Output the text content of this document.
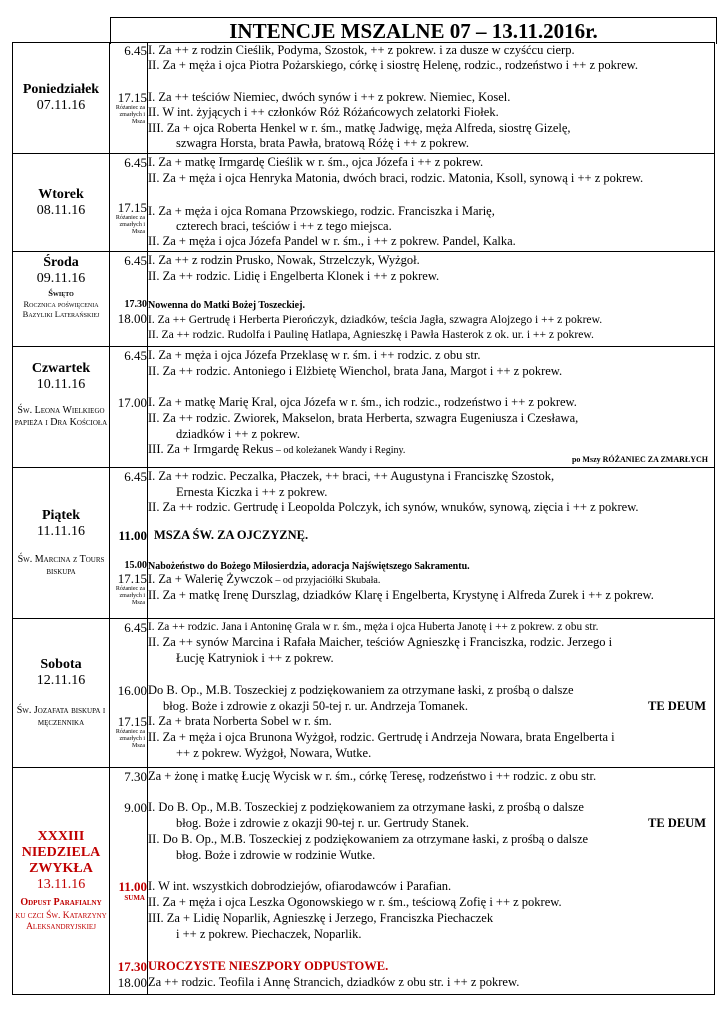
INTENCJE MSZALNE 07 – 13.11.2016r.
Poniedziałek
07.11.16
6.45
17.15
Różaniec za zmarłych i Msza
I. Za ++ z rodzin Cieślik, Podyma, Szostok, ++ z pokrew. i za dusze w czyśćcu cierp.
II. Za + męża i ojca Piotra Pożarskiego, córkę i siostrę Helenę, rodzic., rodzeństwo i ++ z pokrew.
I. Za ++ teściów Niemiec, dwóch synów i ++ z pokrew. Niemiec, Kosel.
II. W int. żyjących i ++ członków Róż Różańcowych zelatorki Fiołek.
III. Za + ojca Roberta Henkel w r. śm., matkę Jadwigę, męża Alfreda, siostrę Gizelę,
szwagra Horsta, brata Pawła, bratową Różę i ++ z pokrew.
Wtorek
08.11.16
6.45
17.15
Różaniec za zmarłych i Msza
I. Za + matkę Irmgardę Cieślik w r. śm., ojca Józefa i ++ z pokrew.
II. Za + męża i ojca Henryka Matonia, dwóch braci, rodzic. Matonia, Ksoll, synową i ++ z pokrew.
I. Za + męża i ojca Romana Przowskiego, rodzic. Franciszka i Marię,
czterech braci, teściów i ++ z tego miejsca.
II. Za + męża i ojca Józefa Pandel w r. śm., i ++ z pokrew. Pandel, Kalka.
Środa
09.11.16
Święto
Rocznica poświęcenia Bazyliki Laterańskiej
6.45
17.30
18.00
I. Za ++ z rodzin Prusko, Nowak, Strzelczyk, Wyżgoł.
II. Za ++ rodzic. Lidię i Engelberta Klonek i ++ z pokrew.
Nowenna do Matki Bożej Toszeckiej.
I. Za ++ Gertrudę i Herberta Pierończyk, dziadków, teścia Jagła, szwagra Alojzego i ++ z pokrew.
II. Za ++ rodzic. Rudolfa i Paulinę Hatlapa, Agnieszkę i Pawła Hasterok z ok. ur. i ++ z pokrew.
Czwartek
10.11.16
Św. Leona Wielkiego papieża i Dra Kościoła
6.45
17.00
I. Za + męża i ojca Józefa Przeklasę w r. śm. i ++ rodzic. z obu str.
II. Za ++ rodzic. Antoniego i Elżbietę Wienchol, brata Jana, Margot i ++ z pokrew.
I. Za + matkę Marię Kral, ojca Józefa w r. śm., ich rodzic., rodzeństwo i ++ z pokrew.
II. Za ++ rodzic. Zwiorek, Makselon, brata Herberta, szwagra Eugeniusza i Czesława,
dziadków i ++ z pokrew.
III. Za + Irmgardę Rekus – od koleżanek Wandy i Reginy.
po Mszy RÓŻANIEC ZA ZMARŁYCH
Piątek
11.11.16
Św. Marcina z Tours biskupa
6.45
11.00
15.00
17.15
Różaniec za zmarłych i Msza
I. Za ++ rodzic. Peczalka, Płaczek, ++ braci, ++ Augustyna i Franciszkę Szostok,
Ernesta Kiczka i ++ z pokrew.
II. Za ++ rodzic. Gertrudę i Leopolda Polczyk, ich synów, wnuków, synową, zięcia i ++ z pokrew.
MSZA ŚW. ZA OJCZYZNĘ.
Nabożeństwo do Bożego Miłosierdzia, adoracja Najświętszego Sakramentu.
I. Za + Walerię Żywczok – od przyjaciółki Skubała.
II. Za + matkę Irenę Durszlag, dziadków Klarę i Engelberta, Krystynę i Alfreda Zurek i ++ z pokrew.
Sobota
12.11.16
Św. Jozafata biskupa i męczennika
6.45
16.00
17.15
Różaniec za zmarłych i Msza
I. Za ++ rodzic. Jana i Antoninę Grala w r. śm., męża i ojca Huberta Janotę i ++ z pokrew. z obu str.
II. Za ++ synów Marcina i Rafała Maicher, teściów Agnieszkę i Franciszka, rodzic. Jerzego i
Łucję Katryniok i ++ z pokrew.
Do B. Op., M.B. Toszeckiej z podziękowaniem za otrzymane łaski, z prośbą o dalsze
błog. Boże i zdrowie z okazji 50-tej r. ur. Andrzeja Tomanek.	TE DEUM
I. Za + brata Norberta Sobel w r. śm.
II. Za + męża i ojca Brunona Wyżgoł, rodzic. Gertrudę i Andrzeja Nowara, brata Engelberta i
++ z pokrew. Wyżgoł, Nowara, Wutke.
XXXIII
NIEDZIELA
ZWYKŁA
13.11.16
Odpust Parafialny
ku czci Św. Katarzyny Aleksandryjskiej
7.30
9.00
11.00
SUMA
17.30
18.00
Za + żonę i matkę Łucję Wycisk w r. śm., córkę Teresę, rodzeństwo i ++ rodzic. z obu str.
I. Do B. Op., M.B. Toszeckiej z podziękowaniem za otrzymane łaski, z prośbą o dalsze
błog. Boże i zdrowie z okazji 90-tej r. ur. Gertrudy Stanek.	TE DEUM
II. Do B. Op., M.B. Toszeckiej z podziękowaniem za otrzymane łaski, z prośbą o dalsze
błog. Boże i zdrowie w rodzinie Wutke.
I. W int. wszystkich dobrodziejów, ofiarodawców i Parafian.
II. Za + męża i ojca Leszka Ogonowskiego w r. śm., teściową Zofię i ++ z pokrew.
III. Za + Lidię Noparlik, Agnieszkę i Jerzego, Franciszka Piechaczek
i ++ z pokrew. Piechaczek, Noparlik.
UROCZYSTE NIESZPORY ODPUSTOWE.
Za ++ rodzic. Teofila i Annę Strancich, dziadków z obu str. i ++ z pokrew.
